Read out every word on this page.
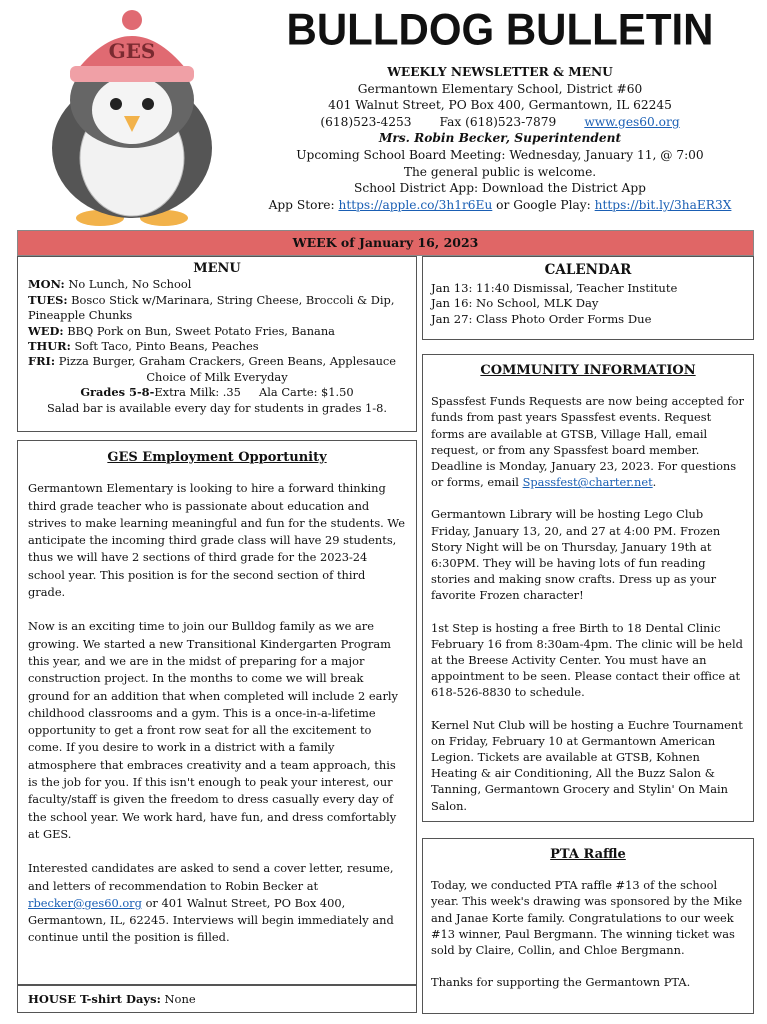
GES	BULLDOG BULLETIN
WEEKLY NEWSLETTER & MENU
Germantown Elementary School, District #60
401 Walnut Street, PO Box 400, Germantown, IL 62245
(618)523-4253 Fax (618)523-7879 www.ges60.org
Mrs. Robin Becker, Superintendent
Upcoming School Board Meeting: Wednesday, January 11, @ 7:00
The general public is welcome.
School District App: Download the District App
App Store: https://apple.co/3h1r6Eu or Google Play: https://bit.ly/3haER3X
WEEK of January 16, 2023
MENU
MON: No Lunch, No School
TUES: Bosco Stick w/Marinara, String Cheese, Broccoli & Dip, Pineapple Chunks
WED: BBQ Pork on Bun, Sweet Potato Fries, Banana
THUR: Soft Taco, Pinto Beans, Peaches
FRI: Pizza Burger, Graham Crackers, Green Beans, Applesauce
Choice of Milk Everyday
Grades 5-8-Extra Milk: .35 Ala Carte: $1.50
Salad bar is available every day for students in grades 1-8.
CALENDAR
Jan 13: 11:40 Dismissal, Teacher Institute
Jan 16: No School, MLK Day
Jan 27: Class Photo Order Forms Due
GES Employment Opportunity

Germantown Elementary is looking to hire a forward thinking third grade teacher who is passionate about education and strives to make learning meaningful and fun for the students. We anticipate the incoming third grade class will have 29 students, thus we will have 2 sections of third grade for the 2023-24 school year. This position is for the second section of third grade.

Now is an exciting time to join our Bulldog family as we are growing. We started a new Transitional Kindergarten Program this year, and we are in the midst of preparing for a major construction project. In the months to come we will break ground for an addition that when completed will include 2 early childhood classrooms and a gym. This is a once-in-a-lifetime opportunity to get a front row seat for all the excitement to come. If you desire to work in a district with a family atmosphere that embraces creativity and a team approach, this is the job for you. If this isn't enough to peak your interest, our faculty/staff is given the freedom to dress casually every day of the school year. We work hard, have fun, and dress comfortably at GES.

Interested candidates are asked to send a cover letter, resume, and letters of recommendation to Robin Becker at
rbecker@ges60.org or 401 Walnut Street, PO Box 400, Germantown, IL, 62245. Interviews will begin immediately and continue until the position is filled.

HOUSE T-shirt Days: None
COMMUNITY INFORMATION

Spassfest Funds Requests are now being accepted for funds from past years Spassfest events. Request forms are available at GTSB, Village Hall, email request, or from any Spassfest board member. Deadline is Monday, January 23, 2023. For questions or forms, email Spassfest@charter.net.

Germantown Library will be hosting Lego Club Friday, January 13, 20, and 27 at 4:00 PM. Frozen Story Night will be on Thursday, January 19th at 6:30PM. They will be having lots of fun reading stories and making snow crafts. Dress up as your favorite Frozen character!

1st Step is hosting a free Birth to 18 Dental Clinic February 16 from 8:30am-4pm. The clinic will be held at the Breese Activity Center. You must have an appointment to be seen. Please contact their office at 618-526-8830 to schedule.

Kernel Nut Club will be hosting a Euchre Tournament on Friday, February 10 at Germantown American Legion. Tickets are available at GTSB, Kohnen Heating & air Conditioning, All the Buzz Salon & Tanning, Germantown Grocery and Stylin' On Main Salon.

PTA Raffle

Today, we conducted PTA raffle #13 of the school year. This week's drawing was sponsored by the Mike and Janae Korte family. Congratulations to our week #13 winner, Paul Bergmann. The winning ticket was sold by Claire, Collin, and Chloe Bergmann.

Thanks for supporting the Germantown PTA.
